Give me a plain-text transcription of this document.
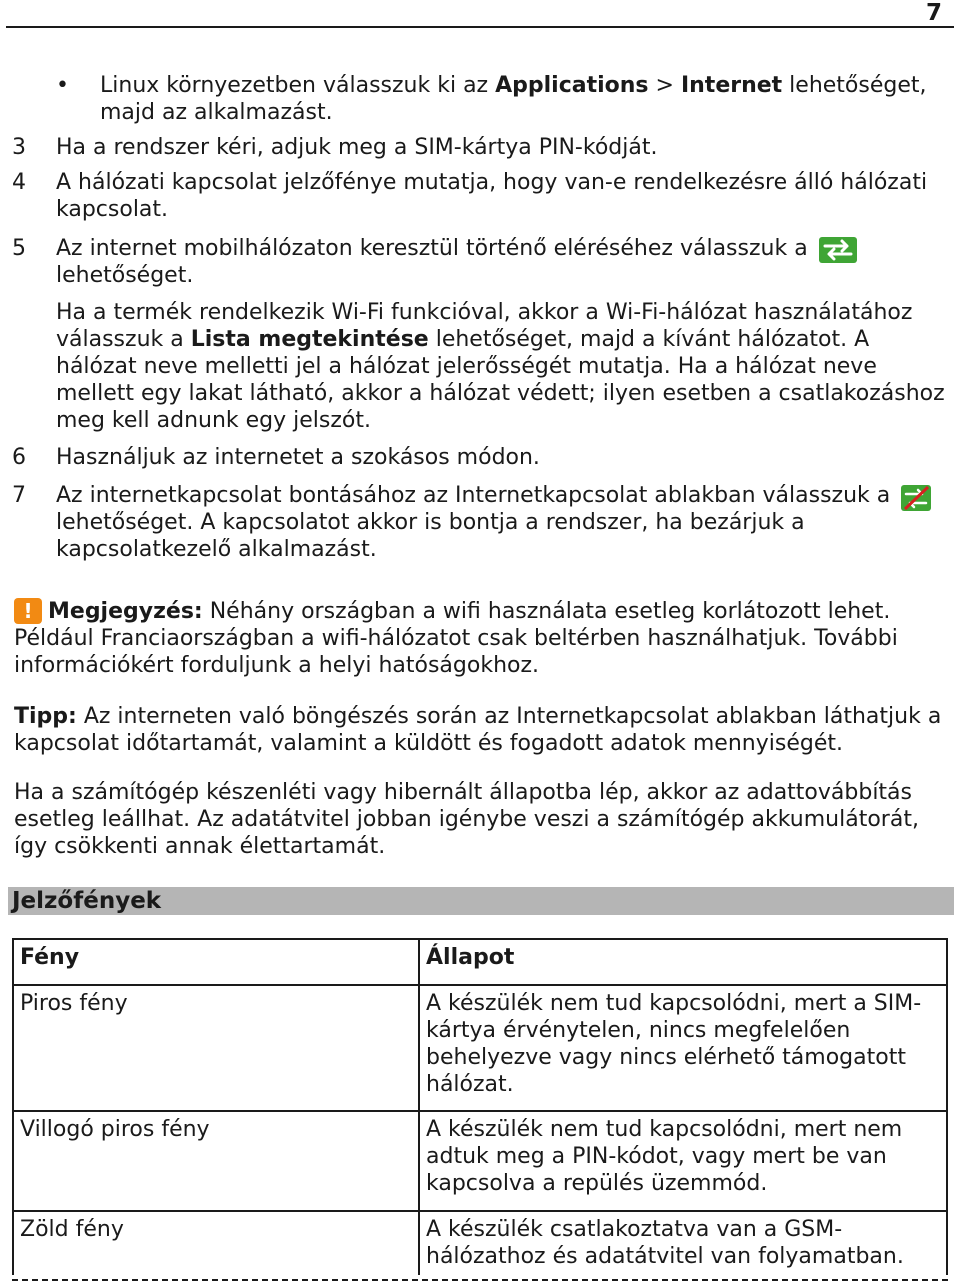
7
• Linux környezetben válasszuk ki az Applications > Internet lehetőséget, majd az alkalmazást.
3	Ha a rendszer kéri, adjuk meg a SIM-kártya PIN-kódját.
4	A hálózati kapcsolat jelzőfénye mutatja, hogy van-e rendelkezésre álló hálózati kapcsolat.
5	Az internet mobilhálózaton keresztül történő eléréséhez válasszuk a
lehetőséget.
Ha a termék rendelkezik Wi-Fi funkcióval, akkor a Wi-Fi-hálózat használatához válasszuk a Lista megtekintése lehetőséget, majd a kívánt hálózatot. A hálózat neve melletti jel a hálózat jelerősségét mutatja. Ha a hálózat neve mellett egy lakat látható, akkor a hálózat védett; ilyen esetben a csatlakozáshoz meg kell adnunk egy jelszót.
6	Használjuk az internetet a szokásos módon.
7	Az internetkapcsolat bontásához az Internetkapcsolat ablakban válasszuk a  lehetőséget. A kapcsolatot akkor is bontja a rendszer, ha bezárjuk a kapcsolatkezelő alkalmazást.
! Megjegyzés: Néhány országban a wifi használata esetleg korlátozott lehet. Például Franciaországban a wifi-hálózatot csak beltérben használhatjuk. További információkért forduljunk a helyi hatóságokhoz.
Tipp: Az interneten való böngészés során az Internetkapcsolat ablakban láthatjuk a kapcsolat időtartamát, valamint a küldött és fogadott adatok mennyiségét.
Ha a számítógép készenléti vagy hibernált állapotba lép, akkor az adattovábbítás esetleg leállhat. Az adatátvitel jobban igénybe veszi a számítógép akkumulátorát, így csökkenti annak élettartamát.
Jelzőfények
Fény	Állapot
Piros fény	A készülék nem tud kapcsolódni, mert a SIM-kártya érvénytelen, nincs megfelelően behelyezve vagy nincs elérhető támogatott hálózat.
Villogó piros fény	A készülék nem tud kapcsolódni, mert nem adtuk meg a PIN-kódot, vagy mert be van kapcsolva a repülés üzemmód.
Zöld fény	A készülék csatlakoztatva van a GSM-hálózathoz és adatátvitel van folyamatban.
